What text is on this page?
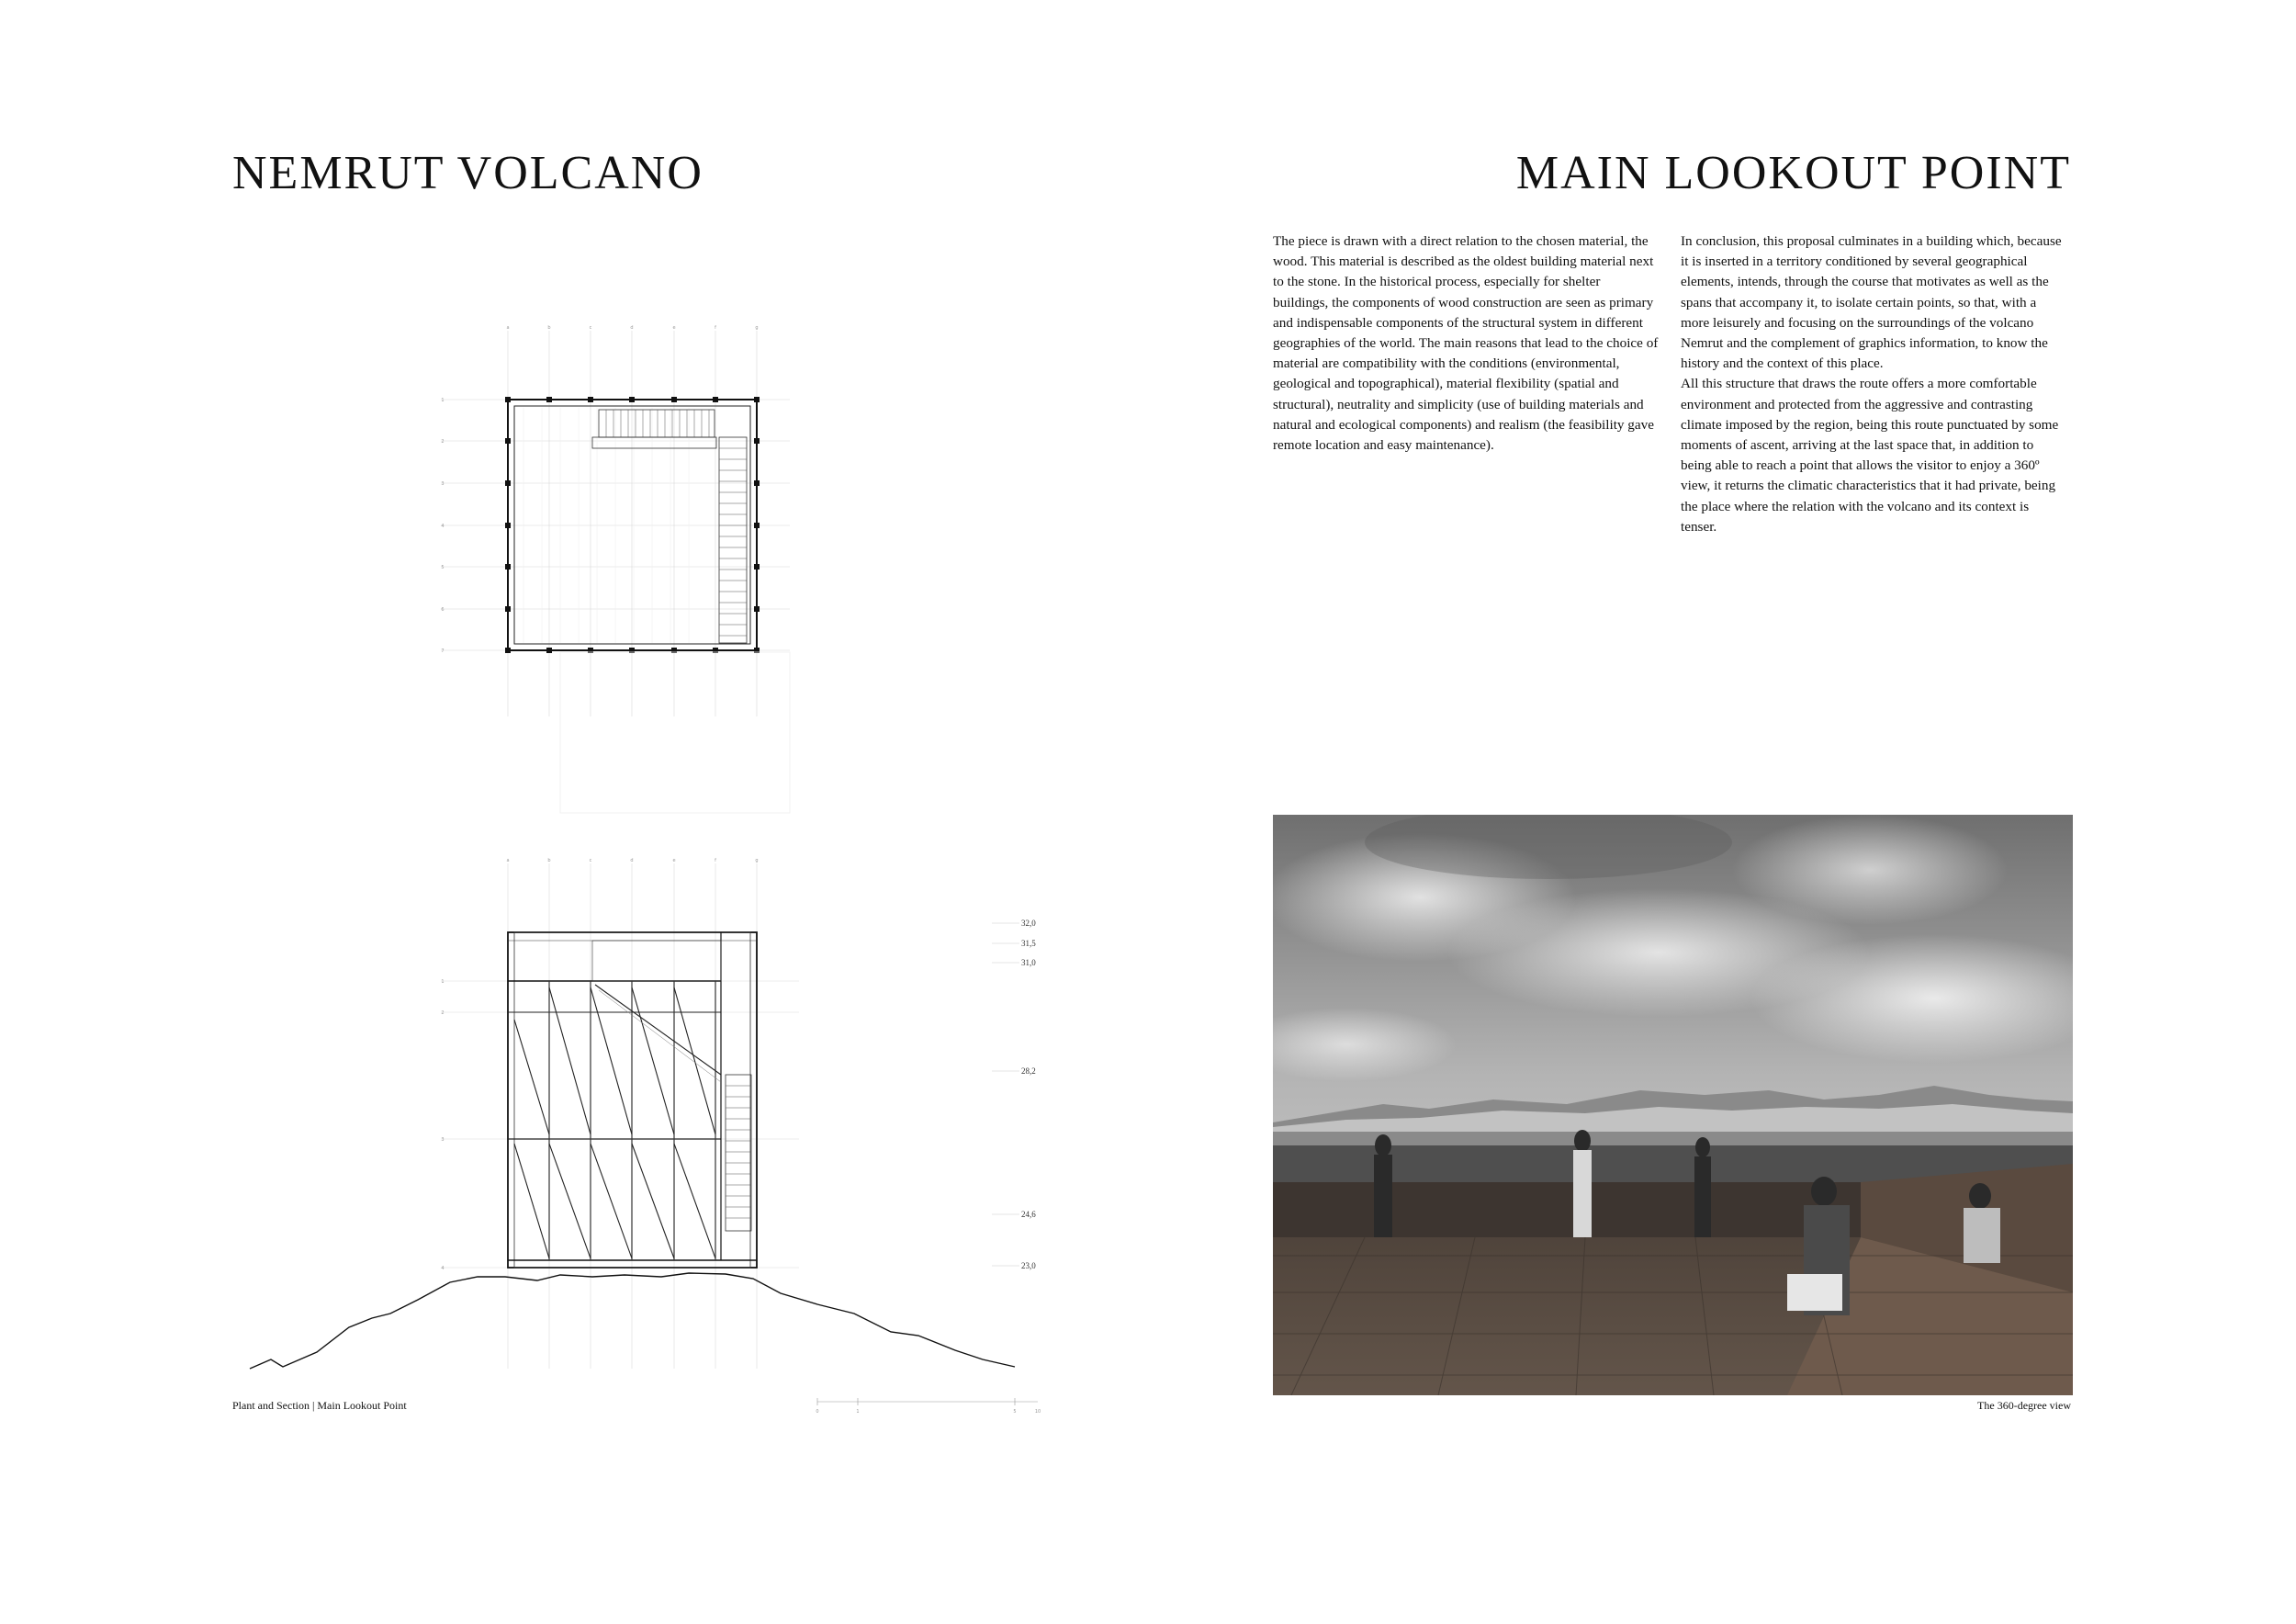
NEMRUT VOLCANO	MAIN LOOKOUT POINT

The piece is drawn with a direct relation to the chosen material, the wood. This material is described as the oldest building material next to the stone. In the historical process, especially for shelter buildings, the components of wood construction are seen as primary and indispensable components of the structural system in different geographies of the world. The main reasons that lead to the choice of material are compatibility with the conditions (environmental, geological and topographical), material flexibility (spatial and structural), neutrality and simplicity (use of building materials and natural and ecological components) and realism (the feasibility gave remote location and easy maintenance).

In conclusion, this proposal culminates in a building which, because it is inserted in a territory conditioned by several geographical elements, intends, through the course that motivates as well as the spans that accompany it, to isolate certain points, so that, with a more leisurely and focusing on the surroundings of the volcano Nemrut and the complement of graphics information, to know the history and the context of this place.

All this structure that draws the route offers a more comfortable environment and protected from the aggressive and contrasting climate imposed by the region, being this route punctuated by some moments of ascent, arriving at the last space that, in addition to being able to reach a point that allows the visitor to enjoy a 360º view, it returns the climatic characteristics that it had private, being the place where the relation with the volcano and its context is tenser.

a	b	c	d	e	f	g
1
2
3
4
5
6
7
a	b	c	d	e	f	g
1
2
3
4
32,0
31,5
31,0
28,2
24,6
23,0
0	1	5	10
Plant and Section | Main Lookout Point	The 360-degree view
